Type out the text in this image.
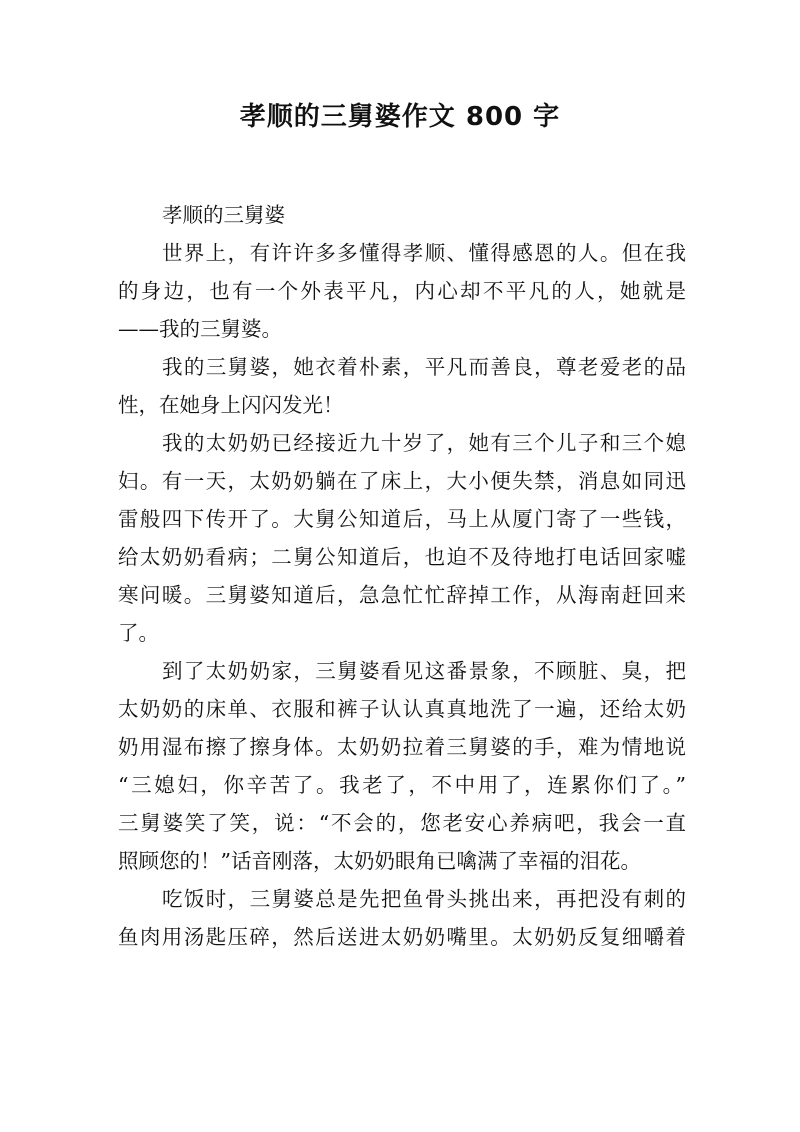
孝顺的三舅婆作文 800 字
孝顺的三舅婆
世界上，有许许多多懂得孝顺、懂得感恩的人。但在我
的身边，也有一个外表平凡，内心却不平凡的人，她就是
——我的三舅婆。
我的三舅婆，她衣着朴素，平凡而善良，尊老爱老的品
性，在她身上闪闪发光！
我的太奶奶已经接近九十岁了，她有三个儿子和三个媳
妇。有一天，太奶奶躺在了床上，大小便失禁，消息如同迅
雷般四下传开了。大舅公知道后，马上从厦门寄了一些钱，
给太奶奶看病；二舅公知道后，也迫不及待地打电话回家嘘
寒问暖。三舅婆知道后，急急忙忙辞掉工作，从海南赶回来
了。
到了太奶奶家，三舅婆看见这番景象，不顾脏、臭，把
太奶奶的床单、衣服和裤子认认真真地洗了一遍，还给太奶
奶用湿布擦了擦身体。太奶奶拉着三舅婆的手，难为情地说
“三媳妇，你辛苦了。我老了，不中用了，连累你们了。”
三舅婆笑了笑，说：“不会的，您老安心养病吧，我会一直
照顾您的！”话音刚落，太奶奶眼角已噙满了幸福的泪花。
吃饭时，三舅婆总是先把鱼骨头挑出来，再把没有刺的
鱼肉用汤匙压碎，然后送进太奶奶嘴里。太奶奶反复细嚼着
